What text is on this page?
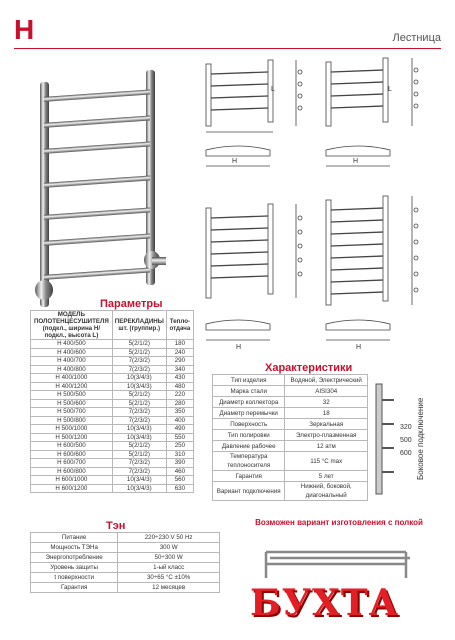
Н	Лестница
Н	Н
L	L
Н	Н
Параметры
МОДЕЛЬ ПОЛОТЕНЦЕСУШИТЕЛЯ (подкл., ширина Н/ подкл., высота L)	ПЕРЕКЛАДИНЫ шт. (группир.)	Тепло-отдача
Н 400/500	5(2/1/2)	180
Н 400/600	5(2/1/2)	240
Н 400/700	7(2/3/2)	290
Н 400/800	7(2/3/2)	340
Н 400/1000	10(3/4/3)	430
Н 400/1200	10(3/4/3)	480
Н 500/500	5(2/1/2)	220
Н 500/600	5(2/1/2)	280
Н 500/700	7(2/3/2)	350
Н 500/800	7(2/3/2)	400
Н 500/1000	10(3/4/3)	490
Н 500/1200	10(3/4/3)	550
Н 600/500	5(2/1/2)	250
Н 600/600	5(2/1/2)	310
Н 600/700	7(2/3/2)	390
Н 600/800	7(2/3/2)	460
Н 600/1000	10(3/4/3)	560
Н 600/1200	10(3/4/3)	630
Тэн
Питание	220÷230 V 50 Hz
Мощность ТЭНа	300 W
Энергопотребление	50÷300 W
Уровень защиты	1-ый класс
t поверхности	30÷65 °С ±10%
Гарантия	12 месяцев
Характеристики
Тип изделия	Водяной, Электрический
Марка стали	AISI304
Диаметр коллектора	32
Диаметр перемычки	18
Поверхность	Зеркальная
Тип полировки	Электро-плазменная
Давление рабочее	12 атм
Температура теплоносителя	115 °С max
Гарантия	5 лет
Вариант подключения	Нижний, боковой, диагональный
320
500
600 Боковое подключение
Возможен вариант изготовления с полкой
БУХТА
